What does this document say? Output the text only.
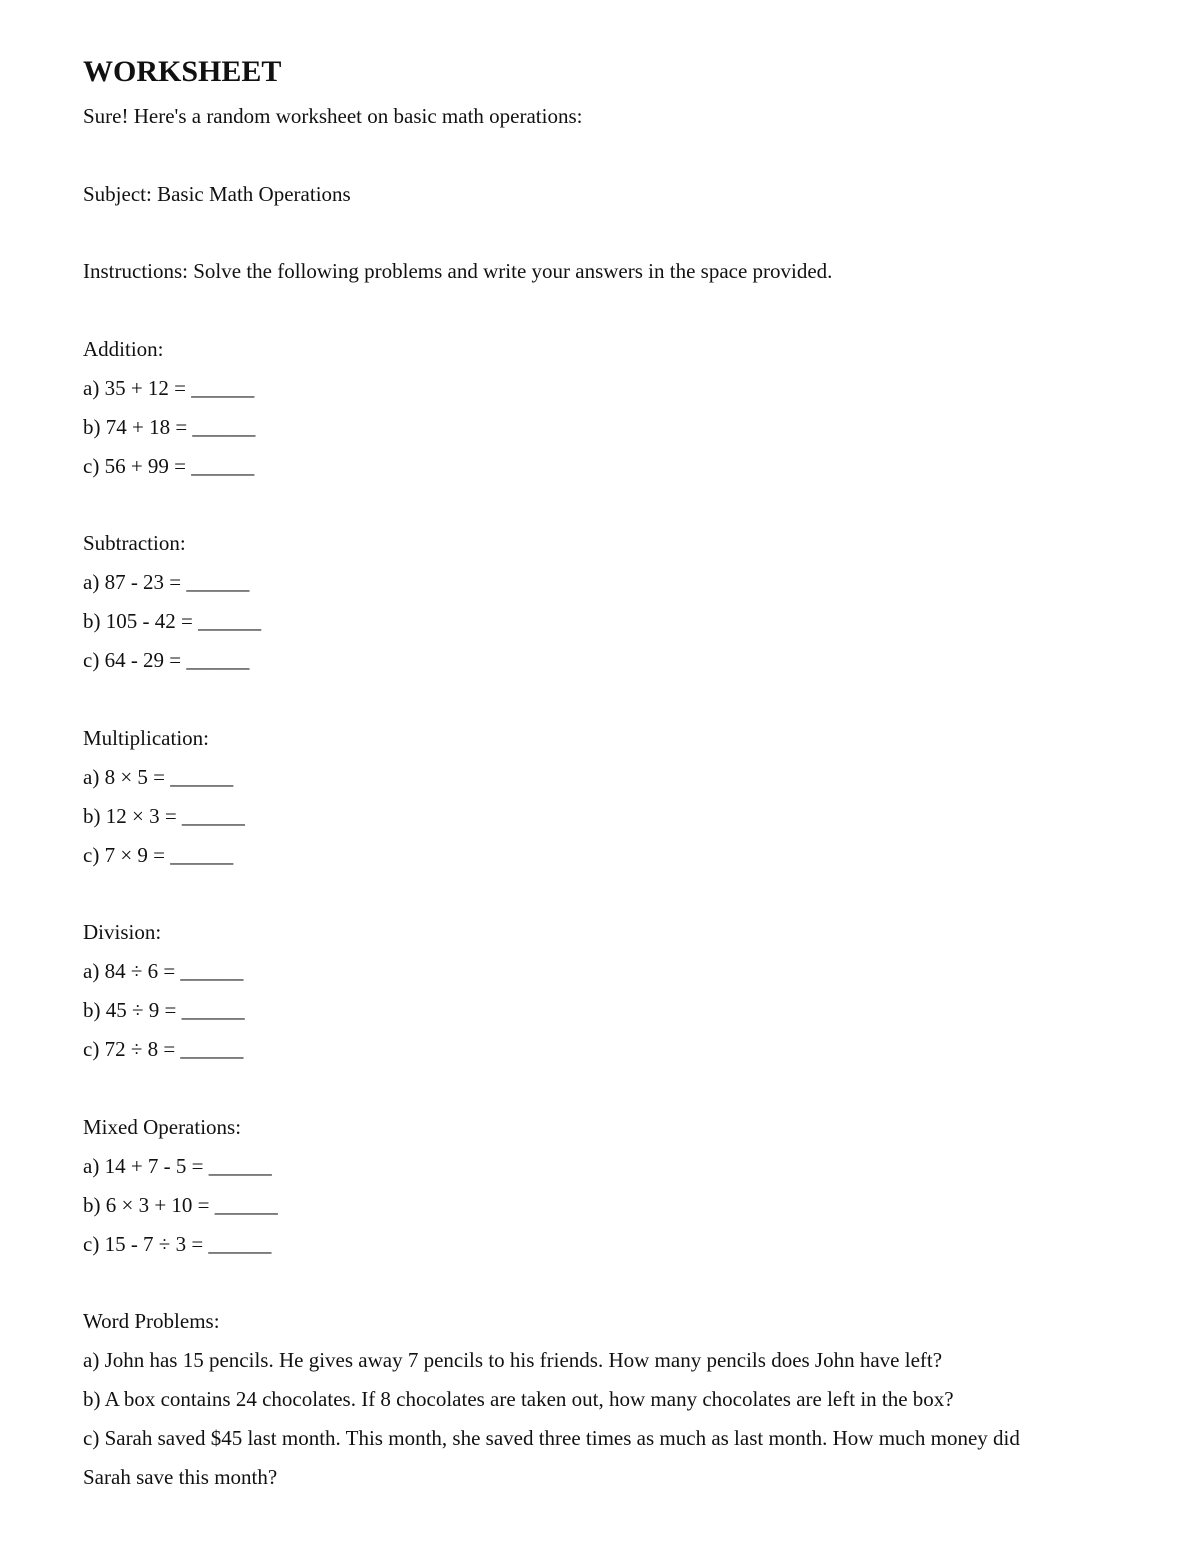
WORKSHEET
Sure! Here's a random worksheet on basic math operations:
Subject: Basic Math Operations
Instructions: Solve the following problems and write your answers in the space provided.
Addition:
a) 35 + 12 = ______
b) 74 + 18 = ______
c) 56 + 99 = ______
Subtraction:
a) 87 - 23 = ______
b) 105 - 42 = ______
c) 64 - 29 = ______
Multiplication:
a) 8 × 5 = ______
b) 12 × 3 = ______
c) 7 × 9 = ______
Division:
a) 84 ÷ 6 = ______
b) 45 ÷ 9 = ______
c) 72 ÷ 8 = ______
Mixed Operations:
a) 14 + 7 - 5 = ______
b) 6 × 3 + 10 = ______
c) 15 - 7 ÷ 3 = ______
Word Problems:
a) John has 15 pencils. He gives away 7 pencils to his friends. How many pencils does John have left?
b) A box contains 24 chocolates. If 8 chocolates are taken out, how many chocolates are left in the box?
c) Sarah saved $45 last month. This month, she saved three times as much as last month. How much money did
Sarah save this month?
